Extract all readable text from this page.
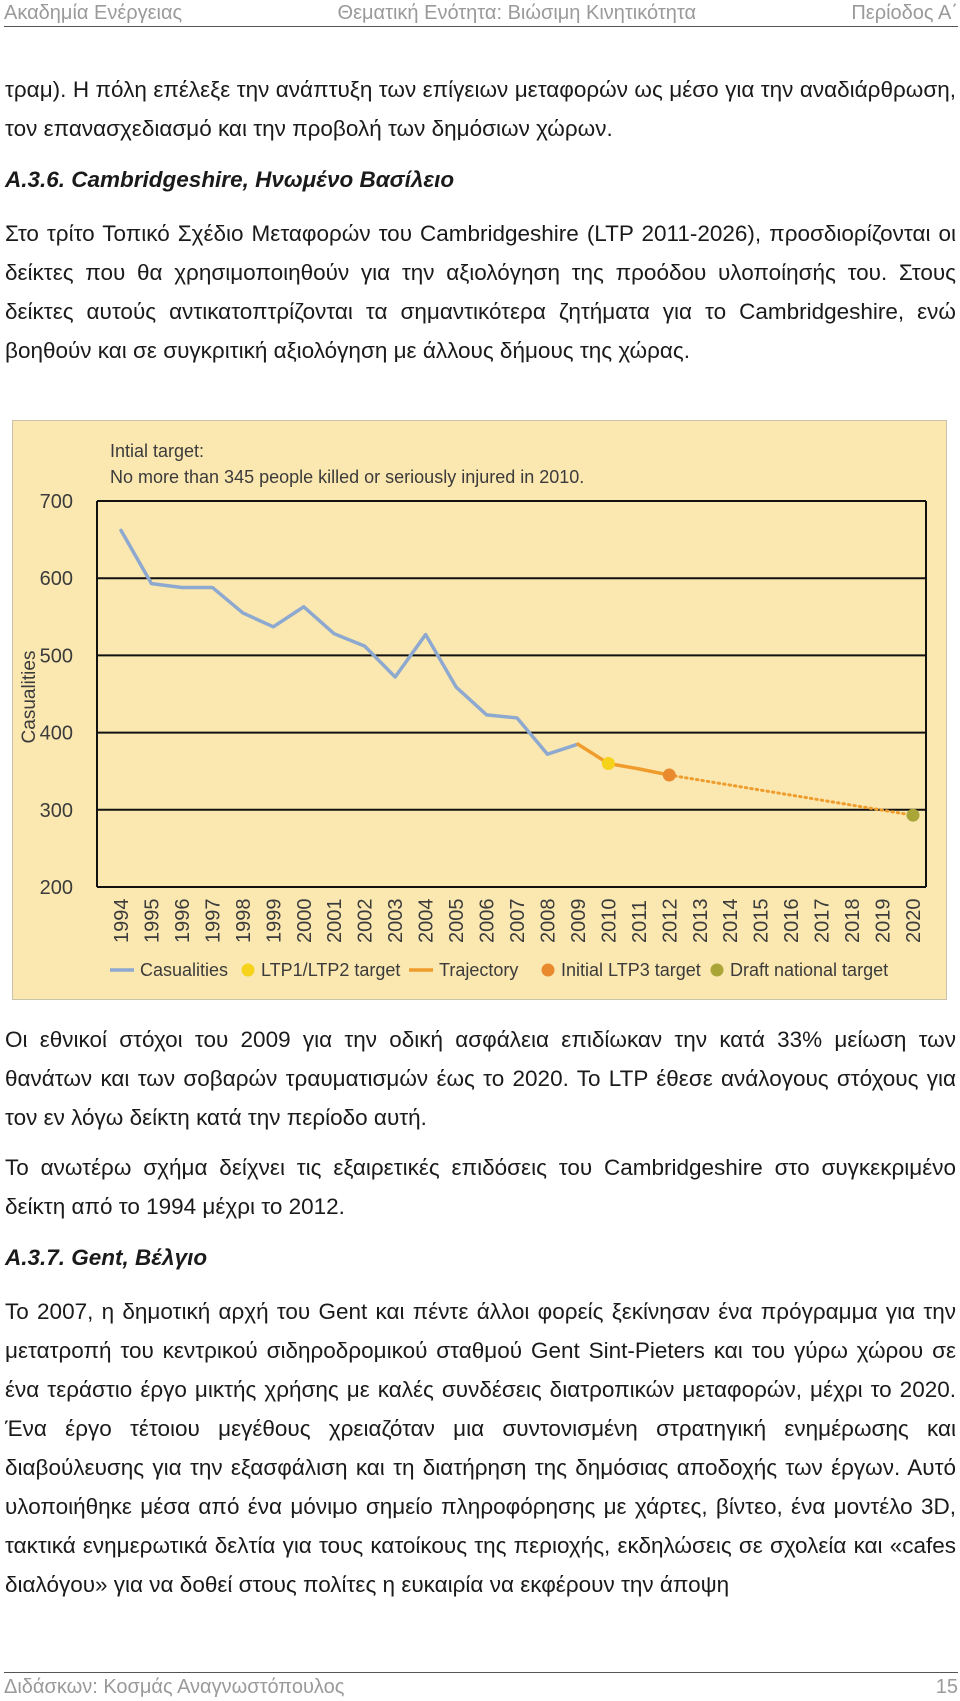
Ακαδημία Ενέργειας	Θεματική Ενότητα: Βιώσιμη Κινητικότητα	Περίοδος Α΄

τραμ). Η πόλη επέλεξε την ανάπτυξη των επίγειων μεταφορών ως μέσο για την αναδιάρθρωση, τον επανασχεδιασμό και την προβολή των δημόσιων χώρων.

Α.3.6. Cambridgeshire, Ηνωμένο Βασίλειο

Στο τρίτο Τοπικό Σχέδιο Μεταφορών του Cambridgeshire (LTP 2011-2026), προσδιορίζονται οι δείκτες που θα χρησιμοποιηθούν για την αξιολόγηση της προόδου υλοποίησής του. Στους δείκτες αυτούς αντικατοπτρίζονται τα σημαντικότερα ζητήματα για το Cambridgeshire, ενώ βοηθούν και σε συγκριτική αξιολόγηση με άλλους δήμους της χώρας.

200
300
400
500
600
700
1994 1995 1996 1997 1998 1999 2000 2001 2002 2003 2004 2005 2006 2007 2008 2009 2010 2011 2012 2013 2014 2015 2016 2017 2018 2019 2020
Casualities LTP1/LTP2 target Trajectory Initial LTP3 target Draft national target
Intial target:
No more than 345 people killed or seriously injured in 2010.
Casualities

Οι εθνικοί στόχοι του 2009 για την οδική ασφάλεια επιδίωκαν την κατά 33% μείωση των θανάτων και των σοβαρών τραυματισμών έως το 2020. Το LTP έθεσε ανάλογους στόχους για τον εν λόγω δείκτη κατά την περίοδο αυτή.

Το ανωτέρω σχήμα δείχνει τις εξαιρετικές επιδόσεις του Cambridgeshire στο συγκεκριμένο δείκτη από το 1994 μέχρι το 2012.

Α.3.7. Gent, Βέλγιο

Το 2007, η δημοτική αρχή του Gent και πέντε άλλοι φορείς ξεκίνησαν ένα πρόγραμμα για την μετατροπή του κεντρικού σιδηροδρομικού σταθμού Gent Sint-Pieters και του γύρω χώρου σε ένα τεράστιο έργο μικτής χρήσης με καλές συνδέσεις διατροπικών μεταφορών, μέχρι το 2020. Ένα έργο τέτοιου μεγέθους χρειαζόταν μια συντονισμένη στρατηγική ενημέρωσης και διαβούλευσης για την εξασφάλιση και τη διατήρηση της δημόσιας αποδοχής των έργων. Αυτό υλοποιήθηκε μέσα από ένα μόνιμο σημείο πληροφόρησης με χάρτες, βίντεο, ένα μοντέλο 3D, τακτικά ενημερωτικά δελτία για τους κατοίκους της περιοχής, εκδηλώσεις σε σχολεία και «cafes διαλόγου» για να δοθεί στους πολίτες η ευκαιρία να εκφέρουν την άποψη

Διδάσκων: Κοσμάς Αναγνωστόπουλος	15
